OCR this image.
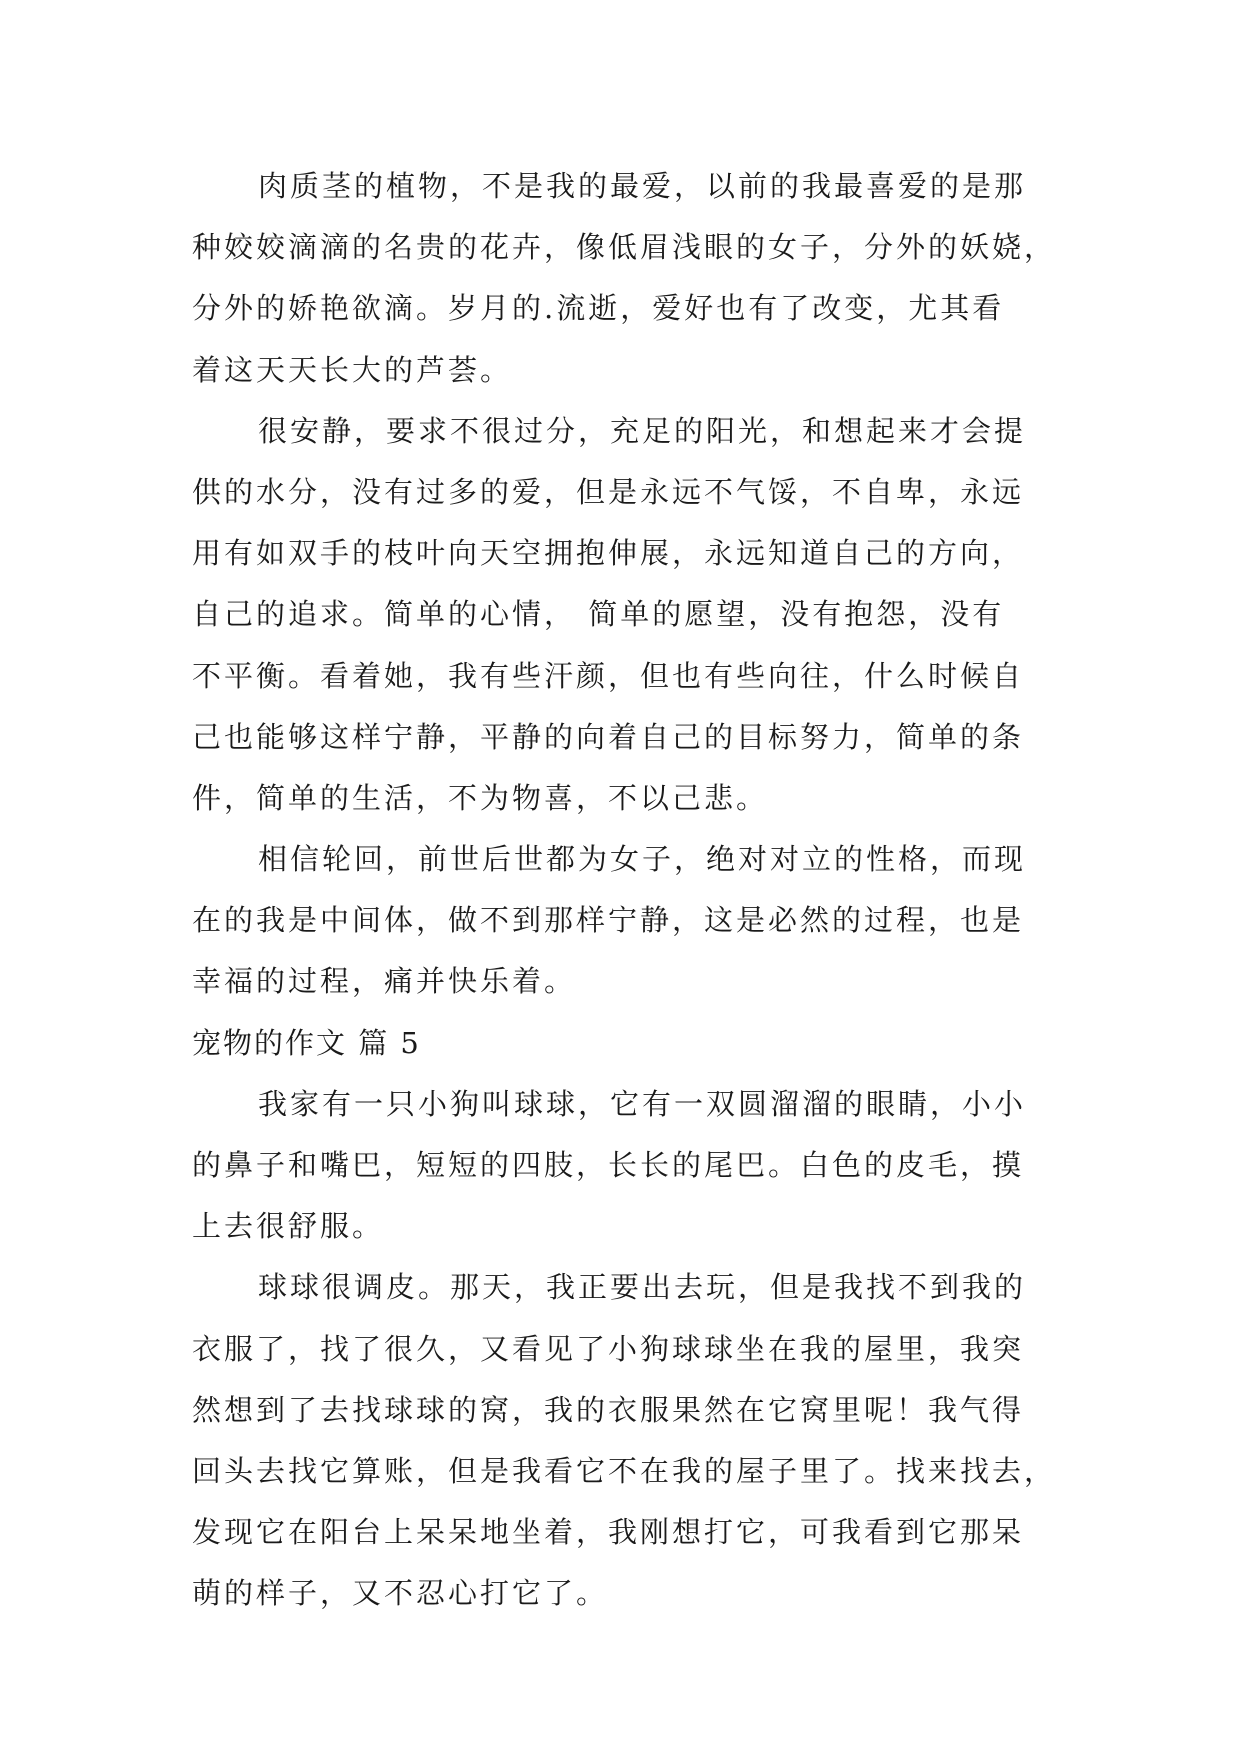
肉质茎的植物，不是我的最爱，以前的我最喜爱的是那
种姣姣滴滴的名贵的花卉，像低眉浅眼的女子，分外的妖娆，
分外的娇艳欲滴。岁月的.流逝，爱好也有了改变，尤其看
着这天天长大的芦荟。
很安静，要求不很过分，充足的阳光，和想起来才会提
供的水分，没有过多的爱，但是永远不气馁，不自卑，永远
用有如双手的枝叶向天空拥抱伸展，永远知道自己的方向，
自己的追求。简单的心情， 简单的愿望，没有抱怨，没有
不平衡。看着她，我有些汗颜，但也有些向往，什么时候自
己也能够这样宁静，平静的向着自己的目标努力，简单的条
件，简单的生活，不为物喜，不以己悲。
相信轮回，前世后世都为女子，绝对对立的性格，而现
在的我是中间体，做不到那样宁静，这是必然的过程，也是
幸福的过程，痛并快乐着。
宠物的作文 篇 5
我家有一只小狗叫球球，它有一双圆溜溜的眼睛，小小
的鼻子和嘴巴，短短的四肢，长长的尾巴。白色的皮毛，摸
上去很舒服。
球球很调皮。那天，我正要出去玩，但是我找不到我的
衣服了，找了很久，又看见了小狗球球坐在我的屋里，我突
然想到了去找球球的窝，我的衣服果然在它窝里呢！我气得
回头去找它算账，但是我看它不在我的屋子里了。找来找去，
发现它在阳台上呆呆地坐着，我刚想打它，可我看到它那呆
萌的样子，又不忍心打它了。
